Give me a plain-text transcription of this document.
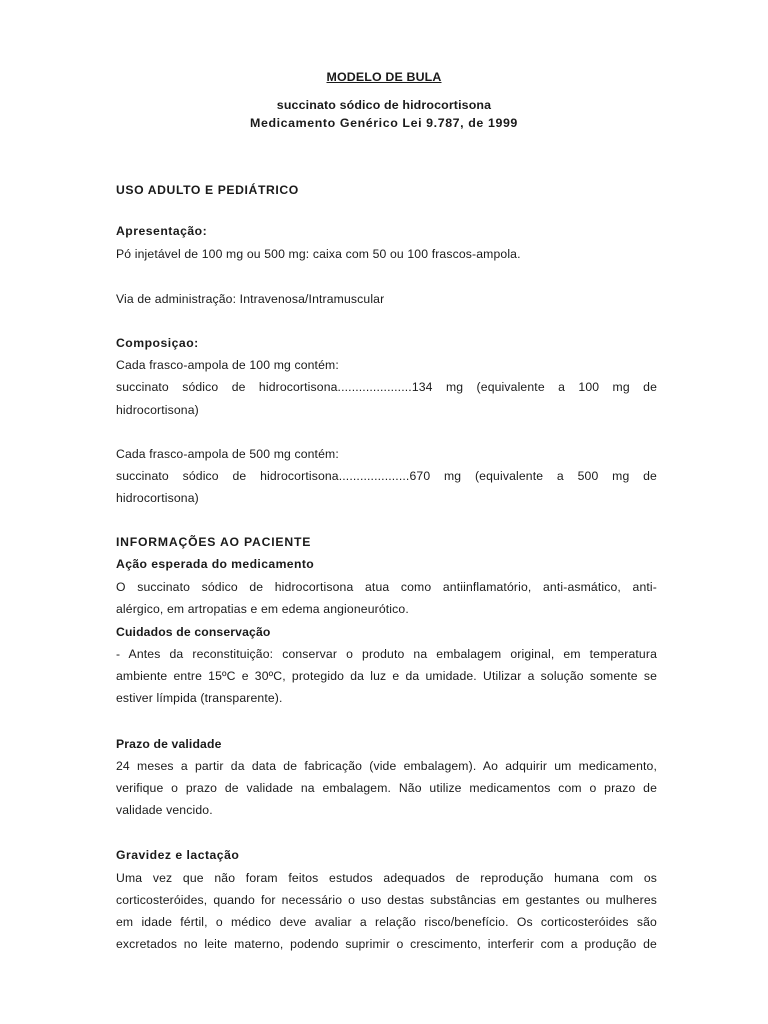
MODELO DE BULA
succinato sódico de hidrocortisona
Medicamento Genérico Lei 9.787, de 1999
USO ADULTO E PEDIÁTRICO
Apresentação:
Pó injetável de 100 mg ou 500 mg: caixa com 50 ou 100 frascos-ampola.
Via de administração: Intravenosa/Intramuscular
Composiçao:
Cada frasco-ampola de 100 mg contém:
succinato sódico de hidrocortisona.....................134 mg (equivalente a 100 mg de
hidrocortisona)
Cada frasco-ampola de 500 mg contém:
succinato sódico de hidrocortisona....................670 mg (equivalente a 500 mg de
hidrocortisona)
INFORMAÇÕES AO PACIENTE
Ação esperada do medicamento
O succinato sódico de hidrocortisona atua como antiinflamatório, anti-asmático, anti-
alérgico, em artropatias e em edema angioneurótico.
Cuidados de conservação
- Antes da reconstituição: conservar o produto na embalagem original, em temperatura
ambiente entre 15ºC e 30ºC, protegido da luz e da umidade. Utilizar a solução somente se
estiver límpida (transparente).
Prazo de validade
24 meses a partir da data de fabricação (vide embalagem). Ao adquirir um medicamento,
verifique o prazo de validade na embalagem. Não utilize medicamentos com o prazo de
validade vencido.
Gravidez e lactação
Uma vez que não foram feitos estudos adequados de reprodução humana com os
corticosteróides, quando for necessário o uso destas substâncias em gestantes ou mulheres
em idade fértil, o médico deve avaliar a relação risco/benefício. Os corticosteróides são
excretados no leite materno, podendo suprimir o crescimento, interferir com a produção de
